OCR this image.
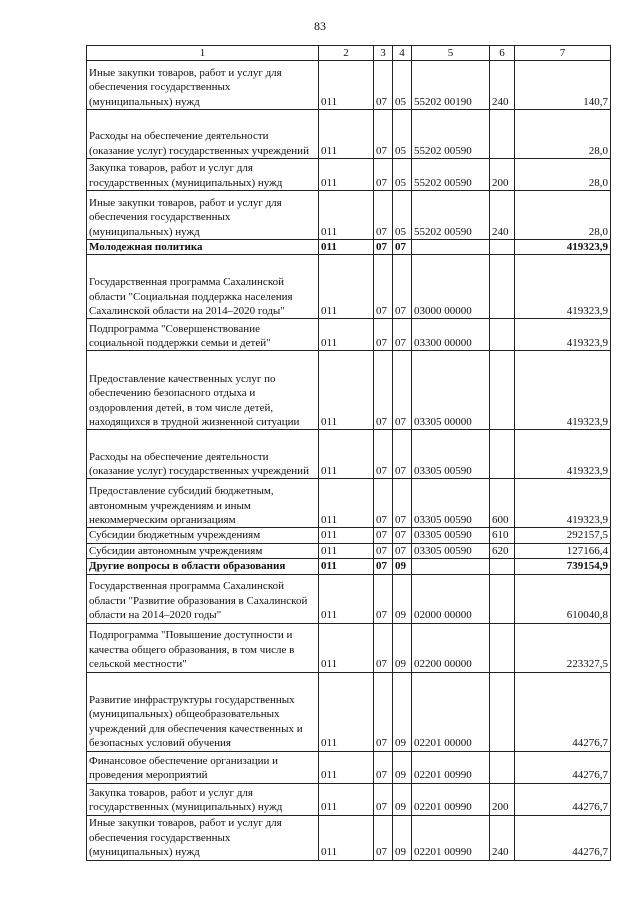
83
1	2	3	4	5	6	7
Иные закупки товаров, работ и услуг для обеспечения государственных (муниципальных) нужд	011	07	05	55202 00190	240	140,7
Расходы на обеспечение деятельности (оказание услуг) государственных учреждений	011	07	05	55202 00590		28,0
Закупка товаров, работ и услуг для государственных (муниципальных) нужд	011	07	05	55202 00590	200	28,0
Иные закупки товаров, работ и услуг для обеспечения государственных (муниципальных) нужд	011	07	05	55202 00590	240	28,0
Молодежная политика	011	07	07			419323,9
Государственная программа Сахалинской области "Социальная поддержка населения Сахалинской области на 2014–2020 годы"	011	07	07	03000 00000		419323,9
Подпрограмма "Совершенствование социальной поддержки семьи и детей"	011	07	07	03300 00000		419323,9
Предоставление качественных услуг по обеспечению безопасного отдыха и оздоровления детей, в том числе детей, находящихся в трудной жизненной ситуации	011	07	07	03305 00000		419323,9
Расходы на обеспечение деятельности (оказание услуг) государственных учреждений	011	07	07	03305 00590		419323,9
Предоставление субсидий бюджетным, автономным учреждениям и иным некоммерческим организациям	011	07	07	03305 00590	600	419323,9
Субсидии бюджетным учреждениям	011	07	07	03305 00590	610	292157,5
Субсидии автономным учреждениям	011	07	07	03305 00590	620	127166,4
Другие вопросы в области образования	011	07	09			739154,9
Государственная программа Сахалинской области "Развитие образования в Сахалинской области на 2014–2020 годы"	011	07	09	02000 00000		610040,8
Подпрограмма "Повышение доступности и качества общего образования, в том числе в сельской местности"	011	07	09	02200 00000		223327,5
Развитие инфраструктуры государственных (муниципальных) общеобразовательных учреждений для обеспечения качественных и безопасных условий обучения	011	07	09	02201 00000		44276,7
Финансовое обеспечение организации и проведения мероприятий	011	07	09	02201 00990		44276,7
Закупка товаров, работ и услуг для государственных (муниципальных) нужд	011	07	09	02201 00990	200	44276,7
Иные закупки товаров, работ и услуг для обеспечения государственных (муниципальных) нужд	011	07	09	02201 00990	240	44276,7
